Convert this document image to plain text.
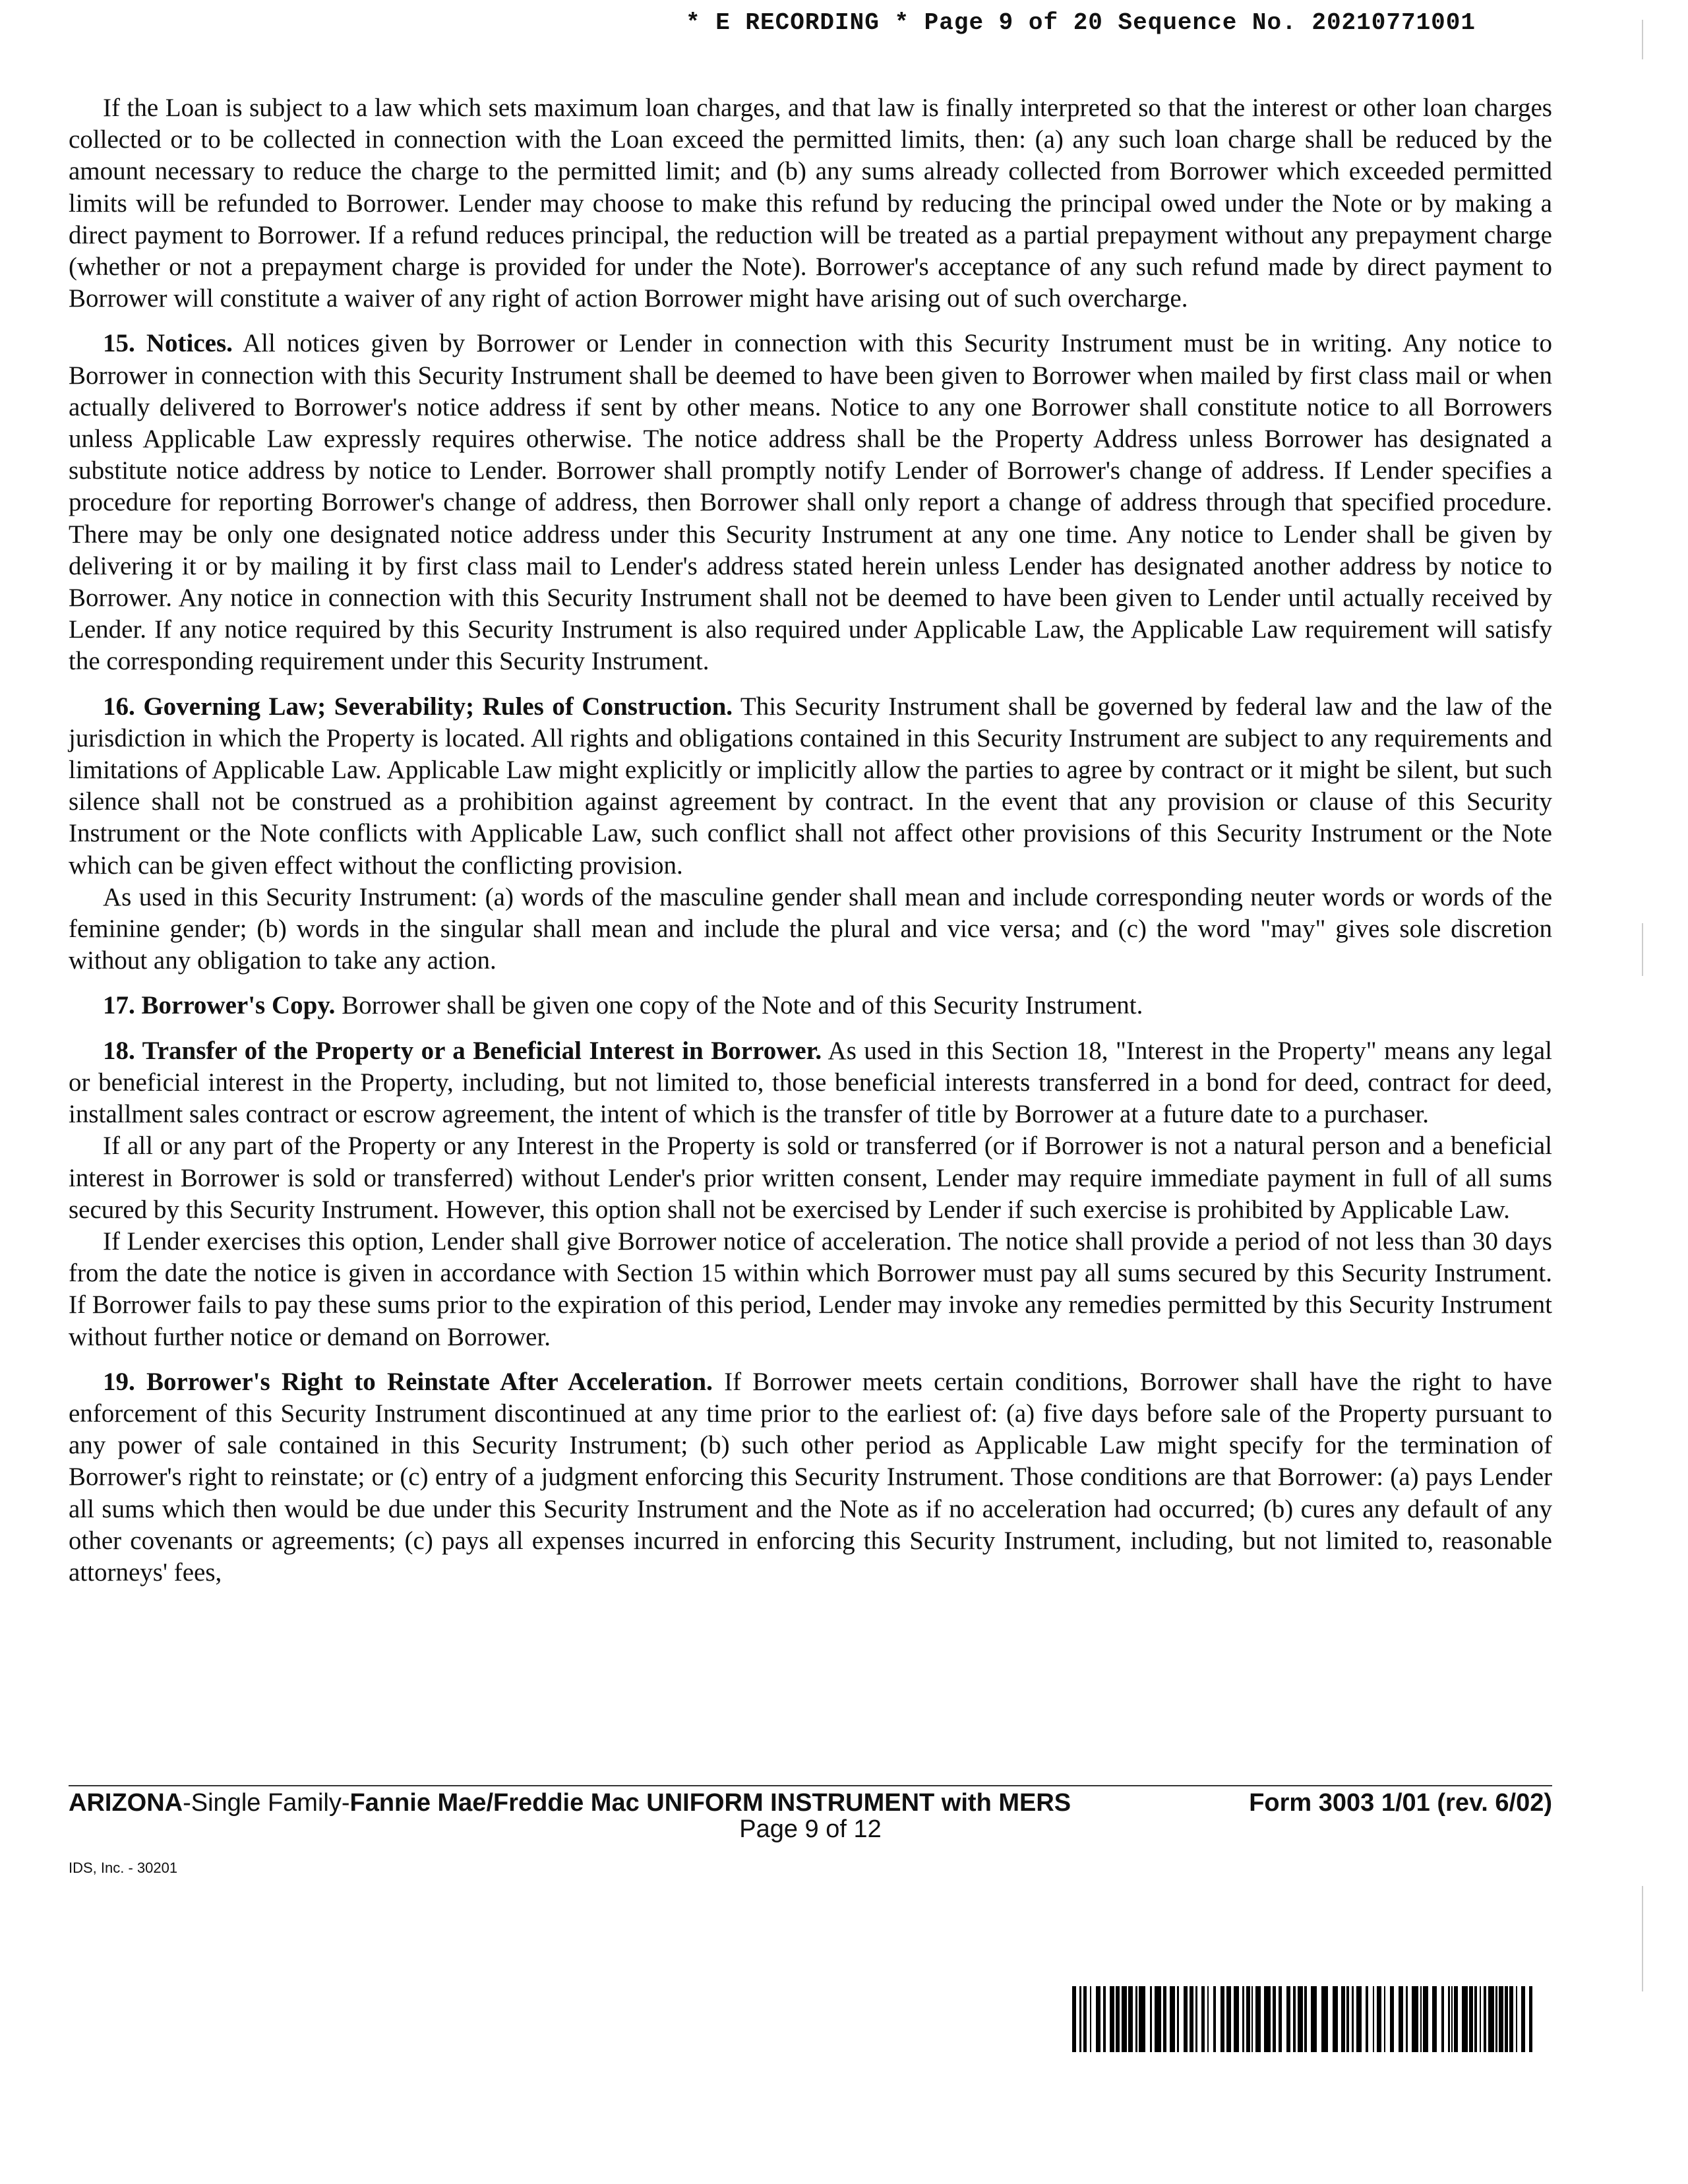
* E RECORDING * Page 9 of 20 Sequence No. 20210771001

If the Loan is subject to a law which sets maximum loan charges, and that law is finally interpreted so that the interest or other loan charges collected or to be collected in connection with the Loan exceed the permitted limits, then: (a) any such loan charge shall be reduced by the amount necessary to reduce the charge to the permitted limit; and (b) any sums already collected from Borrower which exceeded permitted limits will be refunded to Borrower. Lender may choose to make this refund by reducing the principal owed under the Note or by making a direct payment to Borrower. If a refund reduces principal, the reduction will be treated as a partial prepayment without any prepayment charge (whether or not a prepayment charge is provided for under the Note). Borrower's acceptance of any such refund made by direct payment to Borrower will constitute a waiver of any right of action Borrower might have arising out of such overcharge.

15. Notices. All notices given by Borrower or Lender in connection with this Security Instrument must be in writing. Any notice to Borrower in connection with this Security Instrument shall be deemed to have been given to Borrower when mailed by first class mail or when actually delivered to Borrower's notice address if sent by other means. Notice to any one Borrower shall constitute notice to all Borrowers unless Applicable Law expressly requires otherwise. The notice address shall be the Property Address unless Borrower has designated a substitute notice address by notice to Lender. Borrower shall promptly notify Lender of Borrower's change of address. If Lender specifies a procedure for reporting Borrower's change of address, then Borrower shall only report a change of address through that specified procedure. There may be only one designated notice address under this Security Instrument at any one time. Any notice to Lender shall be given by delivering it or by mailing it by first class mail to Lender's address stated herein unless Lender has designated another address by notice to Borrower. Any notice in connection with this Security Instrument shall not be deemed to have been given to Lender until actually received by Lender. If any notice required by this Security Instrument is also required under Applicable Law, the Applicable Law requirement will satisfy the corresponding requirement under this Security Instrument.

16. Governing Law; Severability; Rules of Construction. This Security Instrument shall be governed by federal law and the law of the jurisdiction in which the Property is located. All rights and obligations contained in this Security Instrument are subject to any requirements and limitations of Applicable Law. Applicable Law might explicitly or implicitly allow the parties to agree by contract or it might be silent, but such silence shall not be construed as a prohibition against agreement by contract. In the event that any provision or clause of this Security Instrument or the Note conflicts with Applicable Law, such conflict shall not affect other provisions of this Security Instrument or the Note which can be given effect without the conflicting provision.

As used in this Security Instrument: (a) words of the masculine gender shall mean and include corresponding neuter words or words of the feminine gender; (b) words in the singular shall mean and include the plural and vice versa; and (c) the word "may" gives sole discretion without any obligation to take any action.

17. Borrower's Copy. Borrower shall be given one copy of the Note and of this Security Instrument.

18. Transfer of the Property or a Beneficial Interest in Borrower. As used in this Section 18, "Interest in the Property" means any legal or beneficial interest in the Property, including, but not limited to, those beneficial interests transferred in a bond for deed, contract for deed, installment sales contract or escrow agreement, the intent of which is the transfer of title by Borrower at a future date to a purchaser.

If all or any part of the Property or any Interest in the Property is sold or transferred (or if Borrower is not a natural person and a beneficial interest in Borrower is sold or transferred) without Lender's prior written consent, Lender may require immediate payment in full of all sums secured by this Security Instrument. However, this option shall not be exercised by Lender if such exercise is prohibited by Applicable Law.

If Lender exercises this option, Lender shall give Borrower notice of acceleration. The notice shall provide a period of not less than 30 days from the date the notice is given in accordance with Section 15 within which Borrower must pay all sums secured by this Security Instrument. If Borrower fails to pay these sums prior to the expiration of this period, Lender may invoke any remedies permitted by this Security Instrument without further notice or demand on Borrower.

19. Borrower's Right to Reinstate After Acceleration. If Borrower meets certain conditions, Borrower shall have the right to have enforcement of this Security Instrument discontinued at any time prior to the earliest of: (a) five days before sale of the Property pursuant to any power of sale contained in this Security Instrument; (b) such other period as Applicable Law might specify for the termination of Borrower's right to reinstate; or (c) entry of a judgment enforcing this Security Instrument. Those conditions are that Borrower: (a) pays Lender all sums which then would be due under this Security Instrument and the Note as if no acceleration had occurred; (b) cures any default of any other covenants or agreements; (c) pays all expenses incurred in enforcing this Security Instrument, including, but not limited to, reasonable attorneys' fees,

ARIZONA-Single Family-Fannie Mae/Freddie Mac UNIFORM INSTRUMENT with MERS	Form 3003 1/01 (rev. 6/02)
Page 9 of 12
IDS, Inc. - 30201
